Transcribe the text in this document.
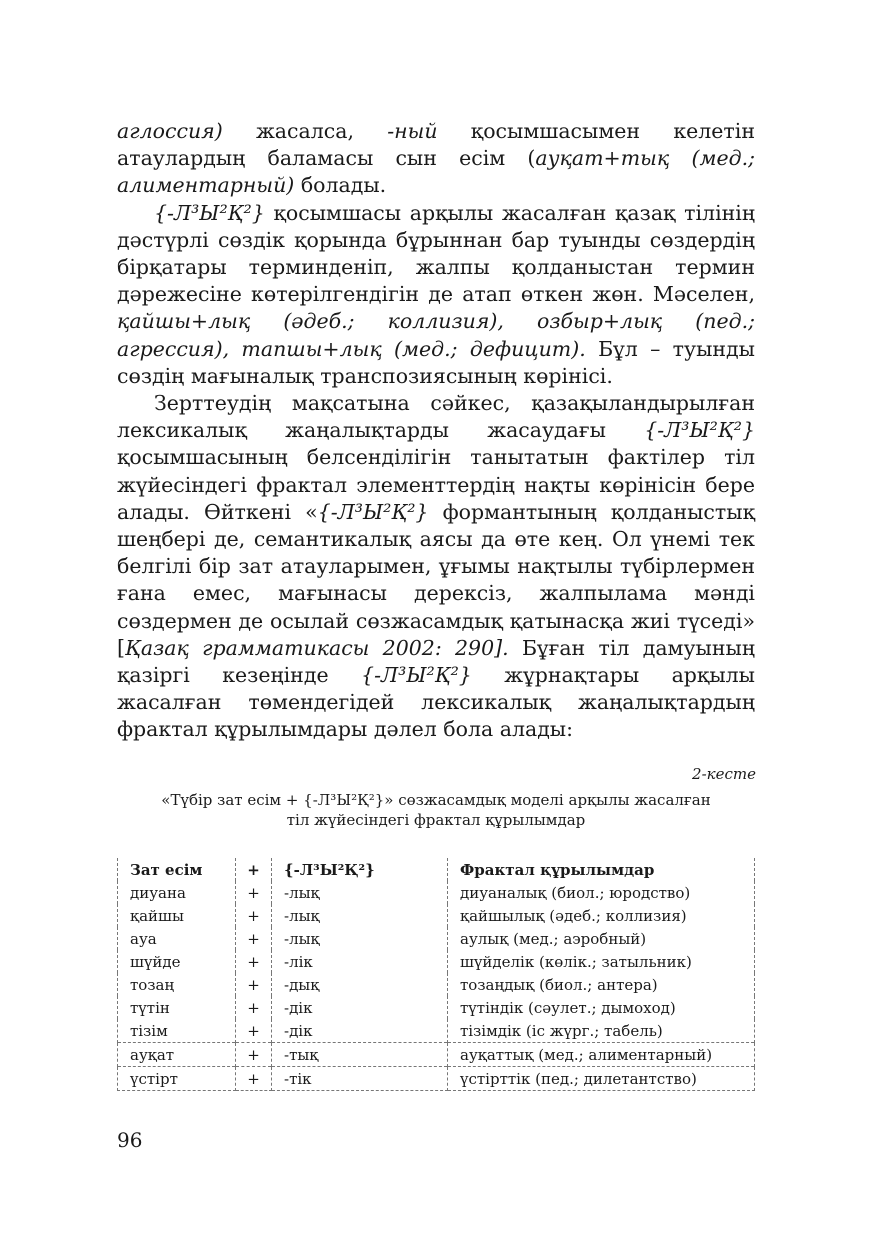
аглоссия) жасалса, -ный қосымшасымен келетін атаулардың баламасы сын есім (ауқат+тық (мед.; алиментарный) болады.

{-Л³Ы²Қ²} қосымшасы арқылы жасалған қазақ тілінің дәстүрлі сөздік қорында бұрыннан бар туынды сөздердің бірқатары терминденіп, жалпы қолданыстан термин дәрежесіне көтерілгендігін де атап өткен жөн. Мәселен, қайшы+лық (әдеб.; коллизия), озбыр+лық (пед.; агрессия), тапшы+лық (мед.; дефицит). Бұл – туынды сөздің мағыналық транспозиясының көрінісі.

Зерттеудің мақсатына сәйкес, қазақыландырылған лексикалық жаңалықтарды жасаудағы {-Л³Ы²Қ²} қосымшасының белсенділігін танытатын фактілер тіл жүйесіндегі фрактал элементтердің нақты көрінісін бере алады. Өйткені «{-Л³Ы²Қ²} формантының қолданыстық шеңбері де, семантикалық аясы да өте кең. Ол үнемі тек белгілі бір зат атауларымен, ұғымы нақтылы түбірлермен ғана емес, мағынасы дерексіз, жалпылама мәнді сөздермен де осылай сөзжасамдық қатынасқа жиі түседі» [Қазақ грамматикасы 2002: 290]. Бұған тіл дамуының қазіргі кезеңінде {-Л³Ы²Қ²} жұрнақтары арқылы жасалған төмендегідей лексикалық жаңалықтардың фрактал құрылымдары дәлел бола алады:

2-кесте
«Түбір зат есім + {-Л³Ы²Қ²}» сөзжасамдық моделі арқылы жасалған
тіл жүйесіндегі фрактал құрылымдар
Зат есім	+	{-Л³Ы²Қ²}	Фрактал құрылымдар
диуана	+	-лық	диуаналық (биол.; юродство)
қайшы	+	-лық	қайшылық (әдеб.; коллизия)
ауа	+	-лық	аулық (мед.; аэробный)
шүйде	+	-лік	шүйделік (көлік.; затыльник)
тозаң	+	-дық	тозаңдық (биол.; антера)
түтін	+	-дік	түтіндік (сәулет.; дымоход)
тізім	+	-дік	тізімдік (іс жүрг.; табель)
ауқат	+	-тық	ауқаттық (мед.; алиментарный)
үстірт	+	-тік	үстірттік (пед.; дилетантство)
96
